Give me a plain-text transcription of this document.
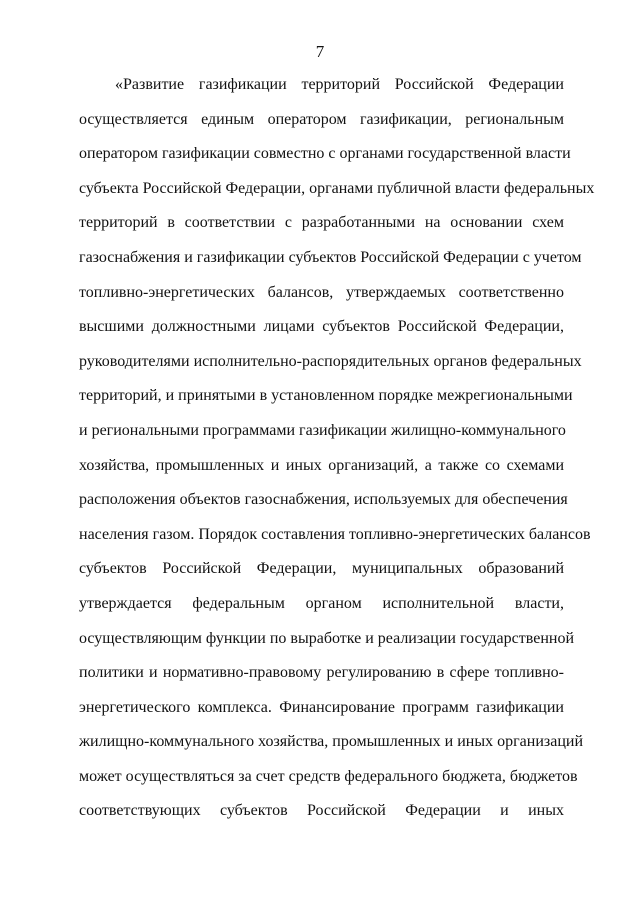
7
«Развитие газификации территорий Российской Федерации
осуществляется единым оператором газификации, региональным
оператором газификации совместно с органами государственной власти
субъекта Российской Федерации, органами публичной власти федеральных
территорий в соответствии с разработанными на основании схем
газоснабжения и газификации субъектов Российской Федерации с учетом
топливно-энергетических балансов, утверждаемых соответственно
высшими должностными лицами субъектов Российской Федерации,
руководителями исполнительно-распорядительных органов федеральных
территорий, и принятыми в установленном порядке межрегиональными
и региональными программами газификации жилищно-коммунального
хозяйства, промышленных и иных организаций, а также со схемами
расположения объектов газоснабжения, используемых для обеспечения
населения газом. Порядок составления топливно-энергетических балансов
субъектов Российской Федерации, муниципальных образований
утверждается федеральным органом исполнительной власти,
осуществляющим функции по выработке и реализации государственной
политики и нормативно-правовому регулированию в сфере топливно-
энергетического комплекса. Финансирование программ газификации
жилищно-коммунального хозяйства, промышленных и иных организаций
может осуществляться за счет средств федерального бюджета, бюджетов
соответствующих субъектов Российской Федерации и иных
